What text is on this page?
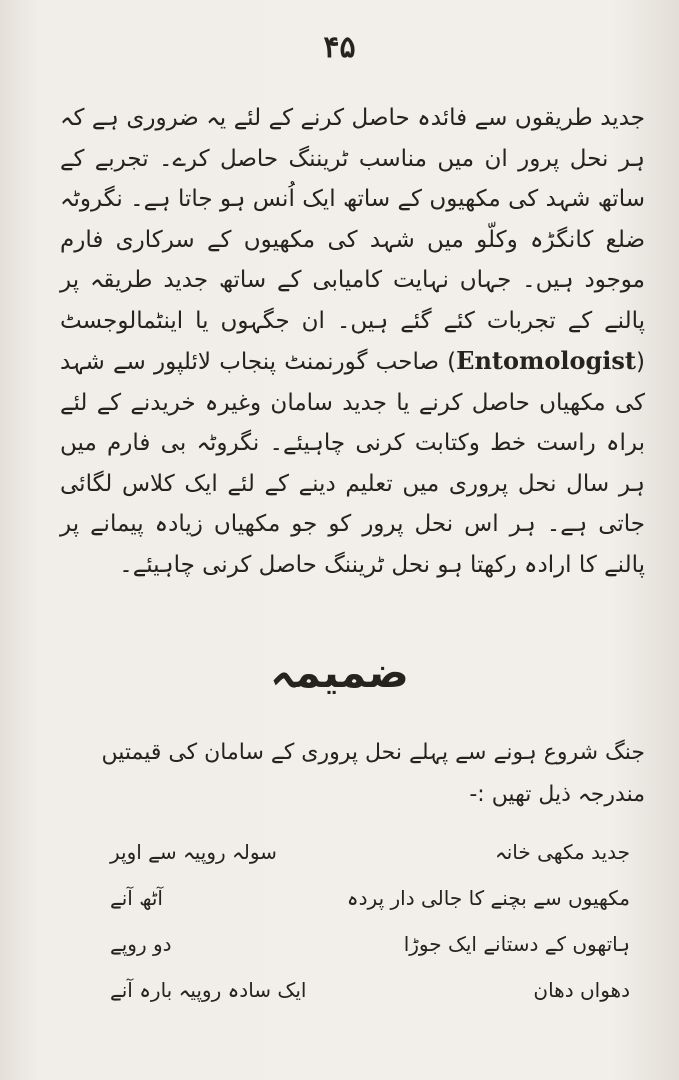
۴۵

جدید طریقوں سے فائدہ حاصل کرنے کے لئے یہ ضروری ہے کہ ہر نحل پرور ان میں مناسب ٹریننگ حاصل کرے۔ تجربے کے ساتھ شہد کی مکھیوں کے ساتھ ایک اُنس ہو جاتا ہے۔ نگروٹہ ضلع کانگڑہ وکلّو میں شہد کی مکھیوں کے سرکاری فارم موجود ہیں۔ جہاں نہایت کامیابی کے ساتھ جدید طریقہ پر پالنے کے تجربات کئے گئے ہیں۔ ان جگہوں یا اینٹمالوجسٹ (Entomologist) صاحب گورنمنٹ پنجاب لائلپور سے شہد کی مکھیاں حاصل کرنے یا جدید سامان وغیرہ خریدنے کے لئے براہ راست خط وکتابت کرنی چاہیئے۔ نگروٹہ بی فارم میں ہر سال نحل پروری میں تعلیم دینے کے لئے ایک کلاس لگائی جاتی ہے۔ ہر اس نحل پرور کو جو مکھیاں زیادہ پیمانے پر پالنے کا ارادہ رکھتا ہو نحل ٹریننگ حاصل کرنی چاہیئے۔

ضمیمہ
جنگ شروع ہونے سے پہلے نحل پروری کے سامان کی قیمتیں مندرجہ ذیل تھیں :-
جدید مکھی خانہ
سولہ روپیہ سے اوپر
مکھیوں سے بچنے کا جالی دار پردہ
آٹھ آنے
ہاتھوں کے دستانے ایک جوڑا
دو روپے
دھواں دھان
ایک سادہ روپیہ بارہ آنے
